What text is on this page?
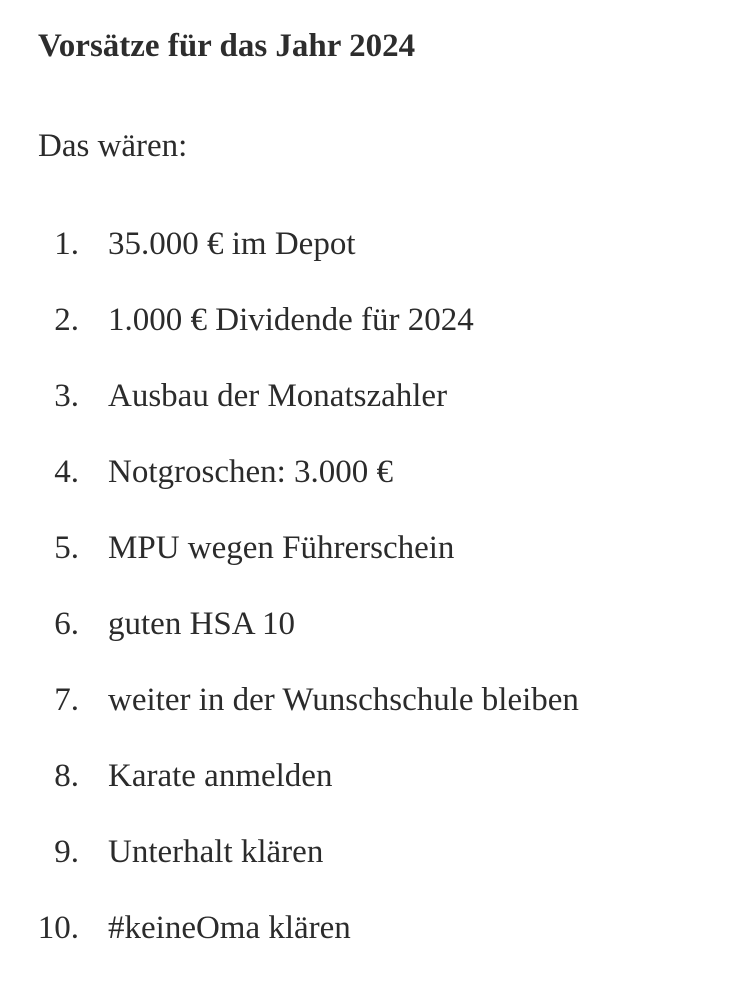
Vorsätze für das Jahr 2024

Das wären:

1. 35.000 € im Depot
2. 1.000 € Dividende für 2024
3. Ausbau der Monatszahler
4. Notgroschen: 3.000 €
5. MPU wegen Führerschein
6. guten HSA 10
7. weiter in der Wunschschule bleiben
8. Karate anmelden
9. Unterhalt klären
10. #keineOma klären
